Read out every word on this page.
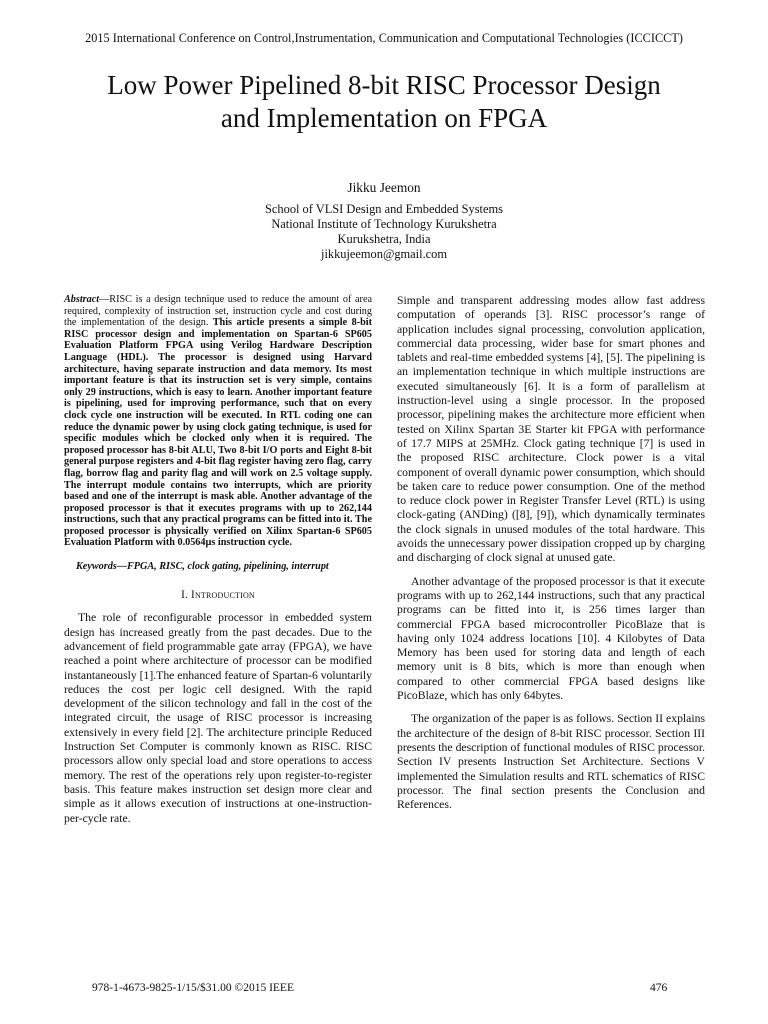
2015 International Conference on Control,Instrumentation, Communication and Computational Technologies (ICCICCT)
Low Power Pipelined 8-bit RISC Processor Design
and Implementation on FPGA
Jikku Jeemon
School of VLSI Design and Embedded Systems
National Institute of Technology Kurukshetra
Kurukshetra, India
jikkujeemon@gmail.com

Abstract—RISC is a design technique used to reduce the amount of area required, complexity of instruction set, instruction cycle and cost during the implementation of the design. This article presents a simple 8-bit RISC processor design and implementation on Spartan-6 SP605 Evaluation Platform FPGA using Verilog Hardware Description Language (HDL). The processor is designed using Harvard architecture, having separate instruction and data memory. Its most important feature is that its instruction set is very simple, contains only 29 instructions, which is easy to learn. Another important feature is pipelining, used for improving performance, such that on every clock cycle one instruction will be executed. In RTL coding one can reduce the dynamic power by using clock gating technique, is used for specific modules which be clocked only when it is required. The proposed processor has 8-bit ALU, Two 8-bit I/O ports and Eight 8-bit general purpose registers and 4-bit flag register having zero flag, carry flag, borrow flag and parity flag and will work on 2.5 voltage supply. The interrupt module contains two interrupts, which are priority based and one of the interrupt is mask able. Another advantage of the proposed processor is that it executes programs with up to 262,144 instructions, such that any practical programs can be fitted into it. The proposed processor is physically verified on Xilinx Spartan-6 SP605 Evaluation Platform with 0.0564µs instruction cycle.

Keywords—FPGA, RISC, clock gating, pipelining, interrupt

I. Introduction

The role of reconfigurable processor in embedded system design has increased greatly from the past decades. Due to the advancement of field programmable gate array (FPGA), we have reached a point where architecture of processor can be modified instantaneously [1].The enhanced feature of Spartan-6 voluntarily reduces the cost per logic cell designed. With the rapid development of the silicon technology and fall in the cost of the integrated circuit, the usage of RISC processor is increasing extensively in every field [2]. The architecture principle Reduced Instruction Set Computer is commonly known as RISC. RISC processors allow only special load and store operations to access memory. The rest of the operations rely upon register-to-register basis. This feature makes instruction set design more clear and simple as it allows execution of instructions at one-instruction-per-cycle rate.

Simple and transparent addressing modes allow fast address computation of operands [3]. RISC processor’s range of application includes signal processing, convolution application, commercial data processing, wider base for smart phones and tablets and real-time embedded systems [4], [5]. The pipelining is an implementation technique in which multiple instructions are executed simultaneously [6]. It is a form of parallelism at instruction-level using a single processor. In the proposed processor, pipelining makes the architecture more efficient when tested on Xilinx Spartan 3E Starter kit FPGA with performance of 17.7 MIPS at 25MHz. Clock gating technique [7] is used in the proposed RISC architecture. Clock power is a vital component of overall dynamic power consumption, which should be taken care to reduce power consumption. One of the method to reduce clock power in Register Transfer Level (RTL) is using clock-gating (ANDing) ([8], [9]), which dynamically terminates the clock signals in unused modules of the total hardware. This avoids the unnecessary power dissipation cropped up by charging and discharging of clock signal at unused gate.

Another advantage of the proposed processor is that it execute programs with up to 262,144 instructions, such that any practical programs can be fitted into it, is 256 times larger than commercial FPGA based microcontroller PicoBlaze that is having only 1024 address locations [10]. 4 Kilobytes of Data Memory has been used for storing data and length of each memory unit is 8 bits, which is more than enough when compared to other commercial FPGA based designs like PicoBlaze, which has only 64bytes.

The organization of the paper is as follows. Section II explains the architecture of the design of 8-bit RISC processor. Section III presents the description of functional modules of RISC processor. Section IV presents Instruction Set Architecture. Sections V implemented the Simulation results and RTL schematics of RISC processor. The final section presents the Conclusion and References.

978-1-4673-9825-1/15/$31.00 ©2015 IEEE	476
